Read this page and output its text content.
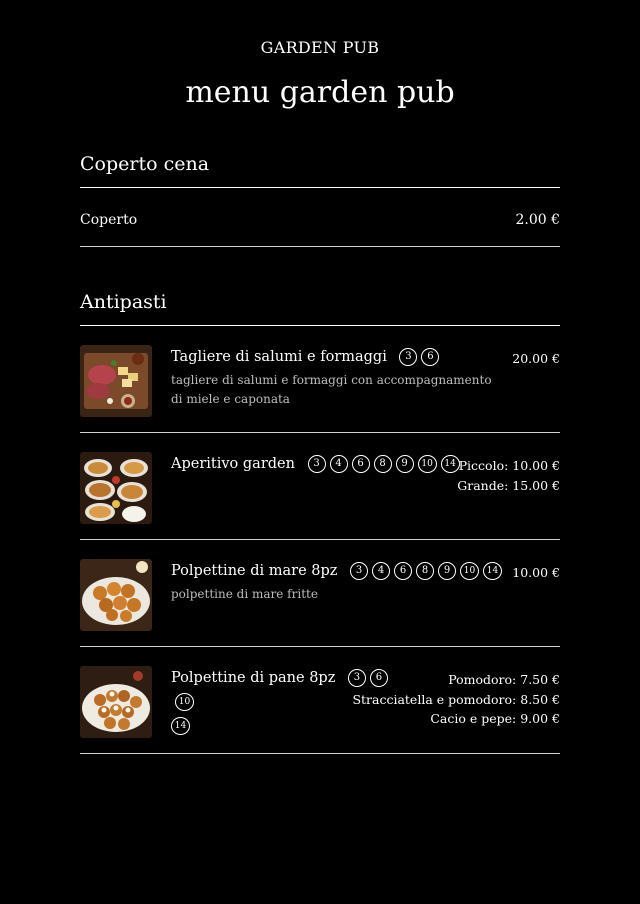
GARDEN PUB
menu garden pub
Coperto cena
Coperto	2.00 €
Antipasti
Tagliere di salumi e formaggi 3 6
tagliere di salumi e formaggi con accompagnamento di miele e caponata
20.00 €
Aperitivo garden 3 4 6 8 9 10 14 Piccolo: 10.00 €
Grande: 15.00 €
Polpettine di mare 8pz 3 4 6 8 9 10 14
polpettine di mare fritte
10.00 €
Polpettine di pane 8pz 3 610
14
Pomodoro: 7.50 €
Stracciatella e pomodoro: 8.50 €
Cacio e pepe: 9.00 €
